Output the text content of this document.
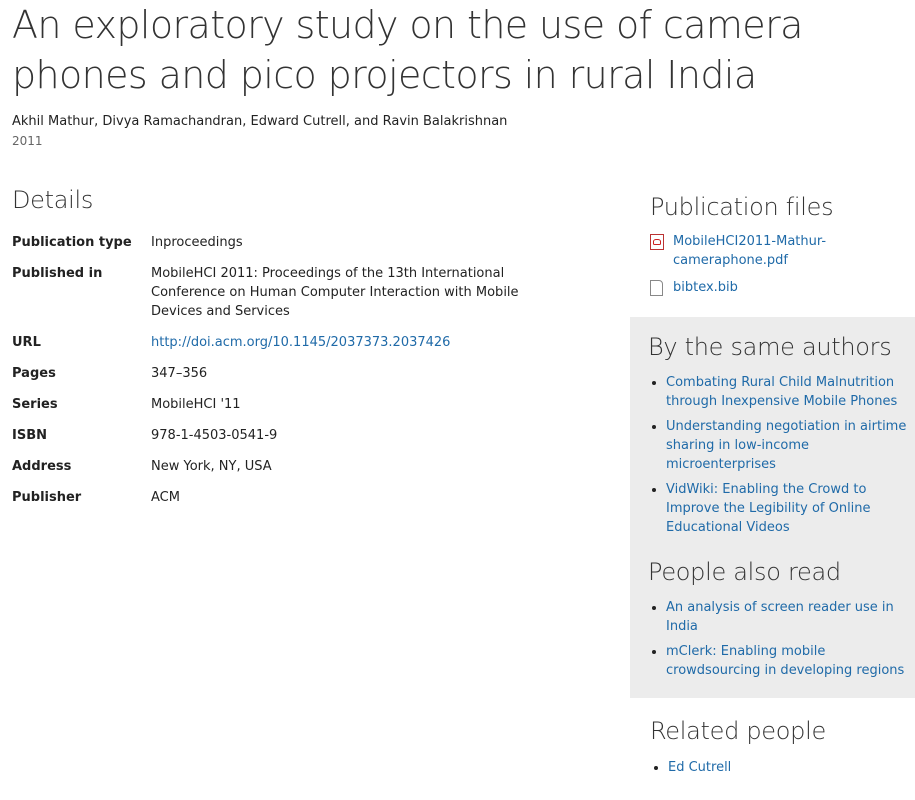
An exploratory study on the use of camera phones and pico projectors in rural India
Akhil Mathur, Divya Ramachandran, Edward Cutrell, and Ravin Balakrishnan
2011
Details
Publication type	Inproceedings
Published in	MobileHCI 2011: Proceedings of the 13th International Conference on Human Computer Interaction with Mobile Devices and Services
URL	http://doi.acm.org/10.1145/2037373.2037426
Pages	347–356
Series	MobileHCI '11
ISBN	978-1-4503-0541-9
Address	New York, NY, USA
Publisher	ACM
Publication files
MobileHCI2011-Mathur-cameraphone.pdf
bibtex.bib
By the same authors
• Combating Rural Child Malnutrition through Inexpensive Mobile Phones
• Understanding negotiation in airtime sharing in low-income microenterprises
• VidWiki: Enabling the Crowd to Improve the Legibility of Online Educational Videos
People also read
• An analysis of screen reader use in India
• mClerk: Enabling mobile crowdsourcing in developing regions
Related people
• Ed Cutrell
